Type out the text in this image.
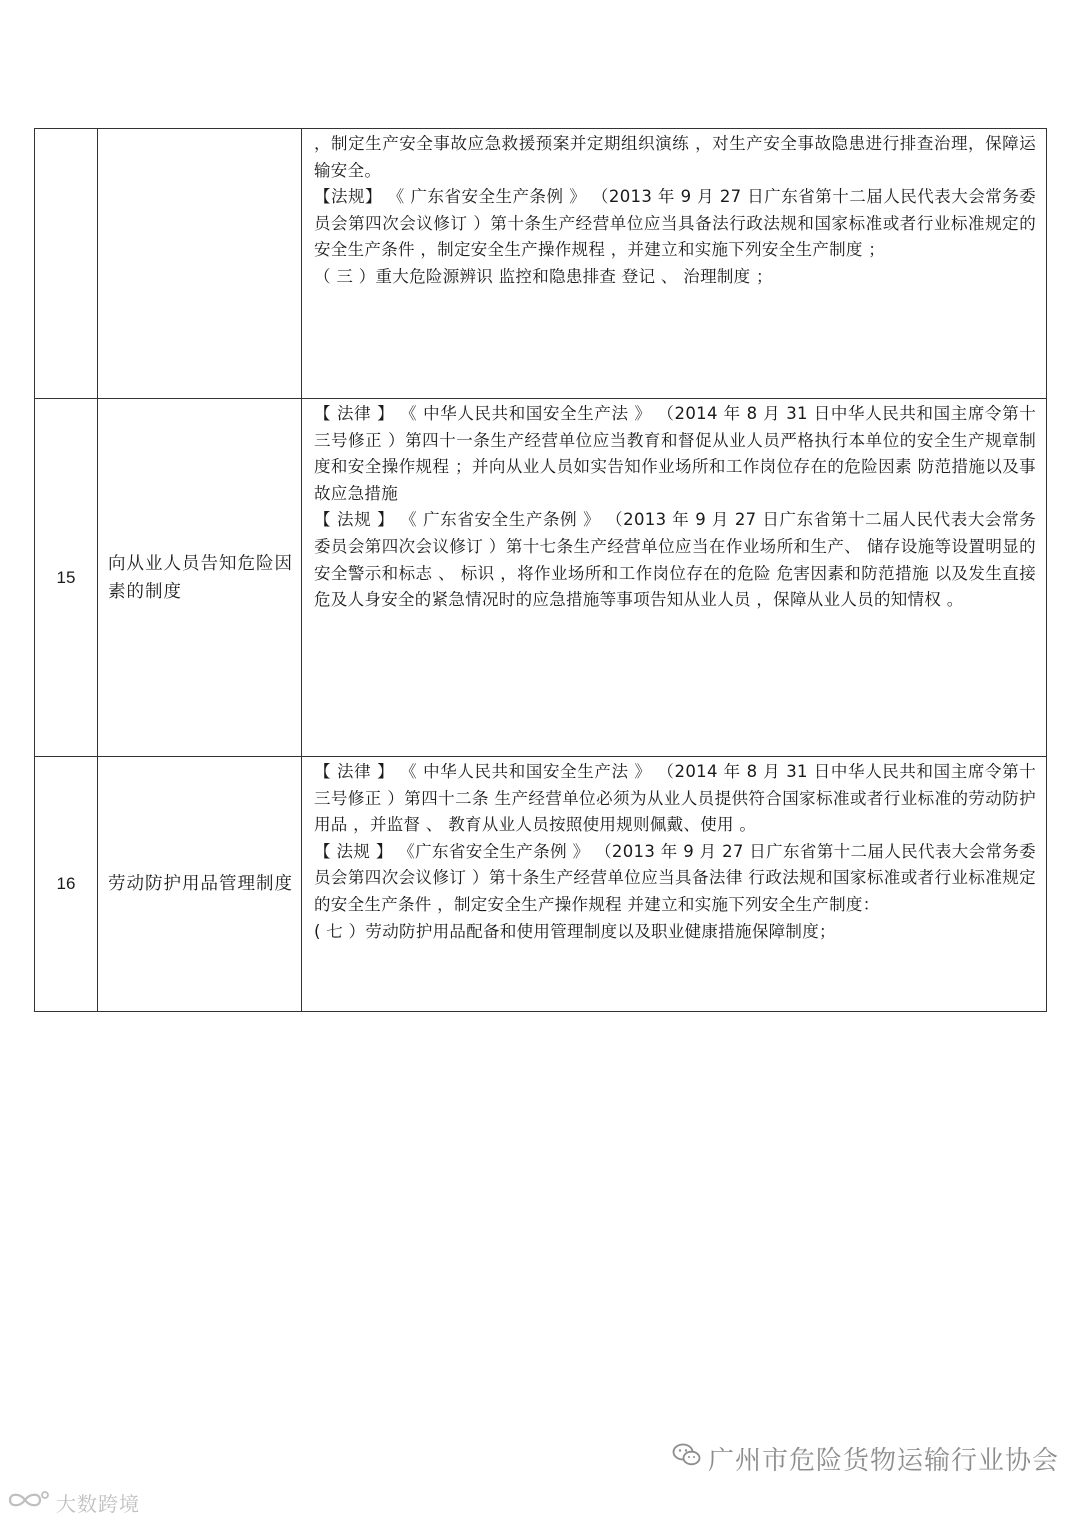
		，制定生产安全事故应急救援预案并定期组织演练 ，对生产安全事故隐患进行排查治理，保障运输安全。

【法规】 《 广东省安全生产条例 》 （2013 年 9 月 27 日广东省第十二届人民代表大会常务委员会第四次会议修订 ）第十条生产经营单位应当具备法行政法规和国家标准或者行业标准规定的安全生产条件 ，制定安全生产操作规程 ，并建立和实施下列安全生产制度 ；

（ 三 ）重大危险源辨识 监控和隐患排查 登记 、 治理制度 ；

15	向从业人员告知危险因素的制度	【 法律 】 《 中华人民共和国安全生产法 》 （2014 年 8 月 31 日中华人民共和国主席令第十三号修正 ）第四十一条生产经营单位应当教育和督促从业人员严格执行本单位的安全生产规章制度和安全操作规程 ；并向从业人员如实告知作业场所和工作岗位存在的危险因素 防范措施以及事故应急措施

【 法规 】 《 广东省安全生产条例 》 （2013 年 9 月 27 日广东省第十二届人民代表大会常务委员会第四次会议修订 ）第十七条生产经营单位应当在作业场所和生产、 储存设施等设置明显的安全警示和标志 、 标识 ，将作业场所和工作岗位存在的危险 危害因素和防范措施 以及发生直接危及人身安全的紧急情况时的应急措施等事项告知从业人员 ，保障从业人员的知情权 。

16	劳动防护用品管理制度	【 法律 】 《 中华人民共和国安全生产法 》 （2014 年 8 月 31 日中华人民共和国主席令第十三号修正 ）第四十二条 生产经营单位必须为从业人员提供符合国家标准或者行业标准的劳动防护用品 ，并监督 、 教育从业人员按照使用规则佩戴、使用 。

【 法规 】 《广东省安全生产条例 》 （2013 年 9 月 27 日广东省第十二届人民代表大会常务委员会第四次会议修订 ）第十条生产经营单位应当具备法律 行政法规和国家标准或者行业标准规定的安全生产条件 ，制定安全生产操作规程 并建立和实施下列安全生产制度：

( 七 ）劳动防护用品配备和使用管理制度以及职业健康措施保障制度；

广州市危险货物运输行业协会
大数跨境
